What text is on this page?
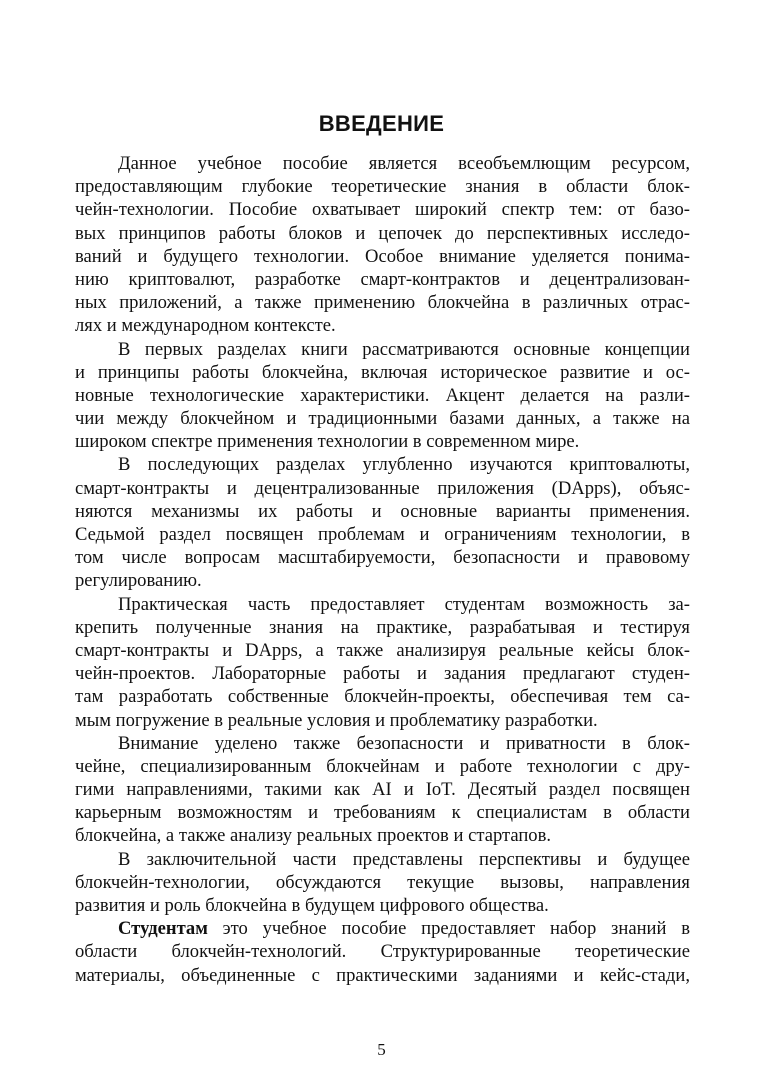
ВВЕДЕНИЕ
Данное учебное пособие является всеобъемлющим ресурсом,
предоставляющим глубокие теоретические знания в области блок-
чейн-технологии. Пособие охватывает широкий спектр тем: от базо-
вых принципов работы блоков и цепочек до перспективных исследо-
ваний и будущего технологии. Особое внимание уделяется понима-
нию криптовалют, разработке смарт-контрактов и децентрализован-
ных приложений, а также применению блокчейна в различных отрас-
лях и международном контексте.
В первых разделах книги рассматриваются основные концепции
и принципы работы блокчейна, включая историческое развитие и ос-
новные технологические характеристики. Акцент делается на разли-
чии между блокчейном и традиционными базами данных, а также на
широком спектре применения технологии в современном мире.
В последующих разделах углубленно изучаются криптовалюты,
смарт-контракты и децентрализованные приложения (DApps), объяс-
няются механизмы их работы и основные варианты применения.
Седьмой раздел посвящен проблемам и ограничениям технологии, в
том числе вопросам масштабируемости, безопасности и правовому
регулированию.
Практическая часть предоставляет студентам возможность за-
крепить полученные знания на практике, разрабатывая и тестируя
смарт-контракты и DApps, а также анализируя реальные кейсы блок-
чейн-проектов. Лабораторные работы и задания предлагают студен-
там разработать собственные блокчейн-проекты, обеспечивая тем са-
мым погружение в реальные условия и проблематику разработки.
Внимание уделено также безопасности и приватности в блок-
чейне, специализированным блокчейнам и работе технологии с дру-
гими направлениями, такими как AI и IoT. Десятый раздел посвящен
карьерным возможностям и требованиям к специалистам в области
блокчейна, а также анализу реальных проектов и стартапов.
В заключительной части представлены перспективы и будущее
блокчейн-технологии, обсуждаются текущие вызовы, направления
развития и роль блокчейна в будущем цифрового общества.
Студентам это учебное пособие предоставляет набор знаний в
области блокчейн-технологий. Структурированные теоретические
материалы, объединенные с практическими заданиями и кейс-стади,
5
